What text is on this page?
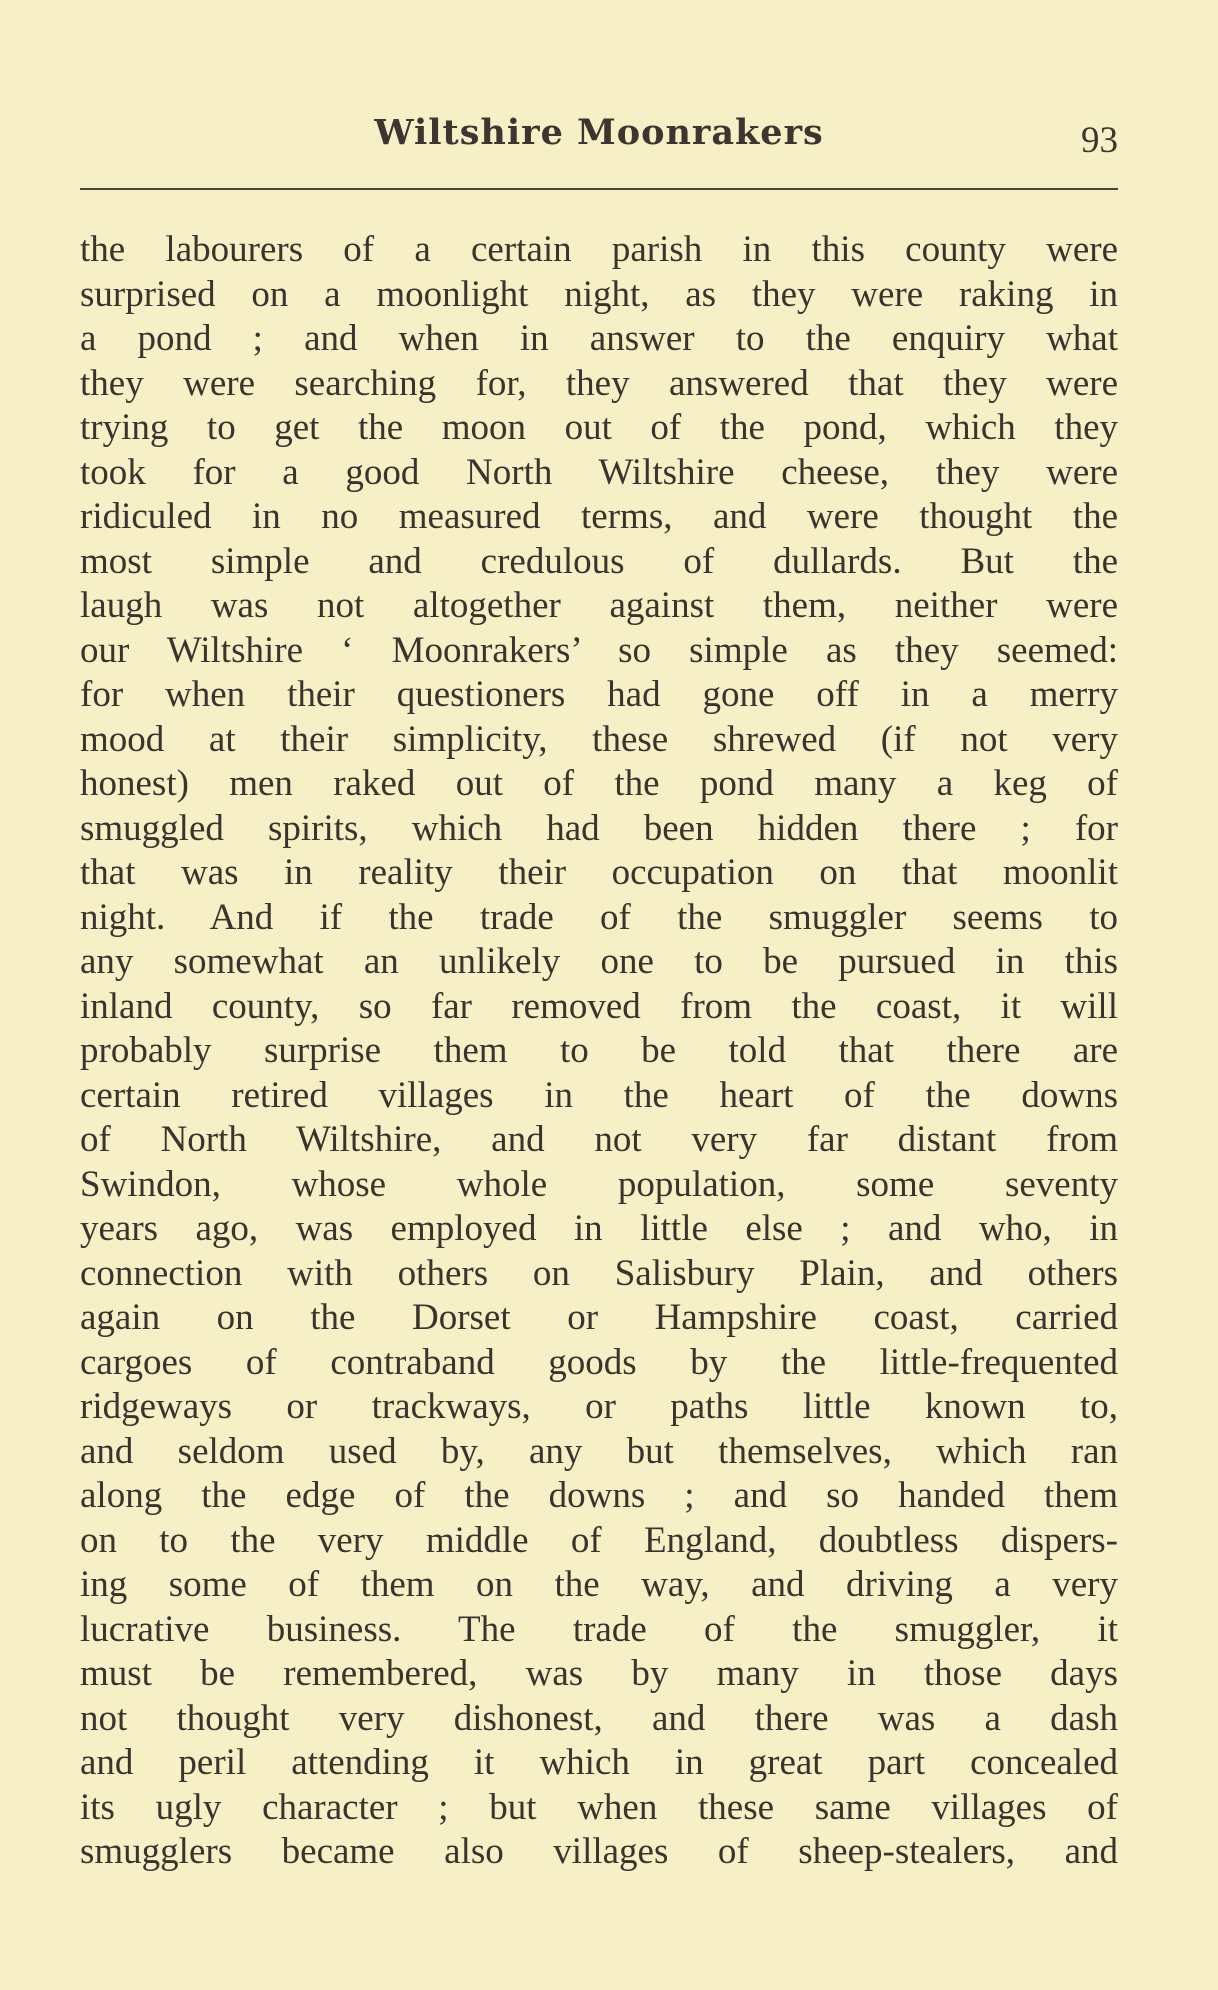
Wiltshire Moonrakers	93
the labourers of a certain parish in this county were
surprised on a moonlight night, as they were raking in
a pond ; and when in answer to the enquiry what
they were searching for, they answered that they were
trying to get the moon out of the pond, which they
took for a good North Wiltshire cheese, they were
ridiculed in no measured terms, and were thought the
most simple and credulous of dullards. But the
laugh was not altogether against them, neither were
our Wiltshire ‘ Moonrakers’ so simple as they seemed:
for when their questioners had gone off in a merry
mood at their simplicity, these shrewed (if not very
honest) men raked out of the pond many a keg of
smuggled spirits, which had been hidden there ; for
that was in reality their occupation on that moonlit
night. And if the trade of the smuggler seems to
any somewhat an unlikely one to be pursued in this
inland county, so far removed from the coast, it will
probably surprise them to be told that there are
certain retired villages in the heart of the downs
of North Wiltshire, and not very far distant from
Swindon, whose whole population, some seventy
years ago, was employed in little else ; and who, in
connection with others on Salisbury Plain, and others
again on the Dorset or Hampshire coast, carried
cargoes of contraband goods by the little-frequented
ridgeways or trackways, or paths little known to,
and seldom used by, any but themselves, which ran
along the edge of the downs ; and so handed them
on to the very middle of England, doubtless dispers-
ing some of them on the way, and driving a very
lucrative business. The trade of the smuggler, it
must be remembered, was by many in those days
not thought very dishonest, and there was a dash
and peril attending it which in great part concealed
its ugly character ; but when these same villages of
smugglers became also villages of sheep-stealers, and
